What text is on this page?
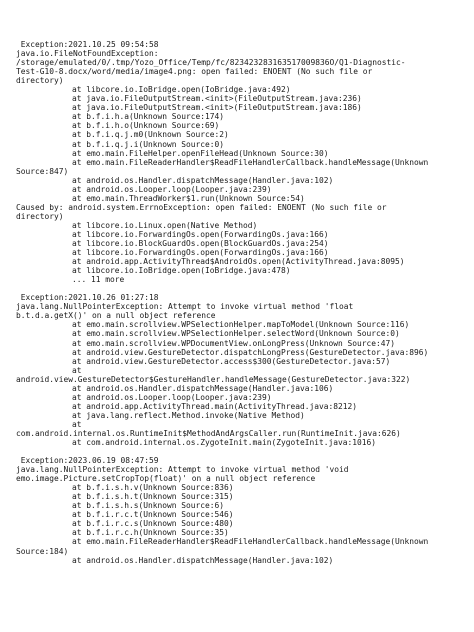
Exception:2021.10.25 09:54:58
java.io.FileNotFoundException:
/storage/emulated/0/.tmp/Yozo_Office/Temp/fc/823423283163517009836O/Q1-Diagnostic-
Test-G10-8.docx/word/media/image4.png: open failed: ENOENT (No such file or
directory)
at libcore.io.IoBridge.open(IoBridge.java:492)
at java.io.FileOutputStream.<init>(FileOutputStream.java:236)
at java.io.FileOutputStream.<init>(FileOutputStream.java:186)
at b.f.i.h.a(Unknown Source:174)
at b.f.i.h.o(Unknown Source:69)
at b.f.i.q.j.m0(Unknown Source:2)
at b.f.i.q.j.i(Unknown Source:0)
at emo.main.FileHelper.openFileHead(Unknown Source:30)
at emo.main.FileReaderHandler$ReadFileHandlerCallback.handleMessage(Unknown
Source:847)
at android.os.Handler.dispatchMessage(Handler.java:102)
at android.os.Looper.loop(Looper.java:239)
at emo.main.ThreadWorker$1.run(Unknown Source:54)
Caused by: android.system.ErrnoException: open failed: ENOENT (No such file or
directory)
at libcore.io.Linux.open(Native Method)
at libcore.io.ForwardingOs.open(ForwardingOs.java:166)
at libcore.io.BlockGuardOs.open(BlockGuardOs.java:254)
at libcore.io.ForwardingOs.open(ForwardingOs.java:166)
at android.app.ActivityThread$AndroidOs.open(ActivityThread.java:8095)
at libcore.io.IoBridge.open(IoBridge.java:478)
... 11 more
Exception:2021.10.26 01:27:18
java.lang.NullPointerException: Attempt to invoke virtual method 'float
b.t.d.a.getX()' on a null object reference
at emo.main.scrollview.WPSelectionHelper.mapToModel(Unknown Source:116)
at emo.main.scrollview.WPSelectionHelper.selectWord(Unknown Source:0)
at emo.main.scrollview.WPDocumentView.onLongPress(Unknown Source:47)
at android.view.GestureDetector.dispatchLongPress(GestureDetector.java:896)
at android.view.GestureDetector.access$300(GestureDetector.java:57)
at
android.view.GestureDetector$GestureHandler.handleMessage(GestureDetector.java:322)
at android.os.Handler.dispatchMessage(Handler.java:106)
at android.os.Looper.loop(Looper.java:239)
at android.app.ActivityThread.main(ActivityThread.java:8212)
at java.lang.reflect.Method.invoke(Native Method)
at
com.android.internal.os.RuntimeInit$MethodAndArgsCaller.run(RuntimeInit.java:626)
at com.android.internal.os.ZygoteInit.main(ZygoteInit.java:1016)
Exception:2023.06.19 08:47:59
java.lang.NullPointerException: Attempt to invoke virtual method 'void
emo.image.Picture.setCropTop(float)' on a null object reference
at b.f.i.s.h.v(Unknown Source:836)
at b.f.i.s.h.t(Unknown Source:315)
at b.f.i.s.h.s(Unknown Source:6)
at b.f.i.r.c.t(Unknown Source:546)
at b.f.i.r.c.s(Unknown Source:480)
at b.f.i.r.c.h(Unknown Source:35)
at emo.main.FileReaderHandler$ReadFileHandlerCallback.handleMessage(Unknown
Source:184)
at android.os.Handler.dispatchMessage(Handler.java:102)
